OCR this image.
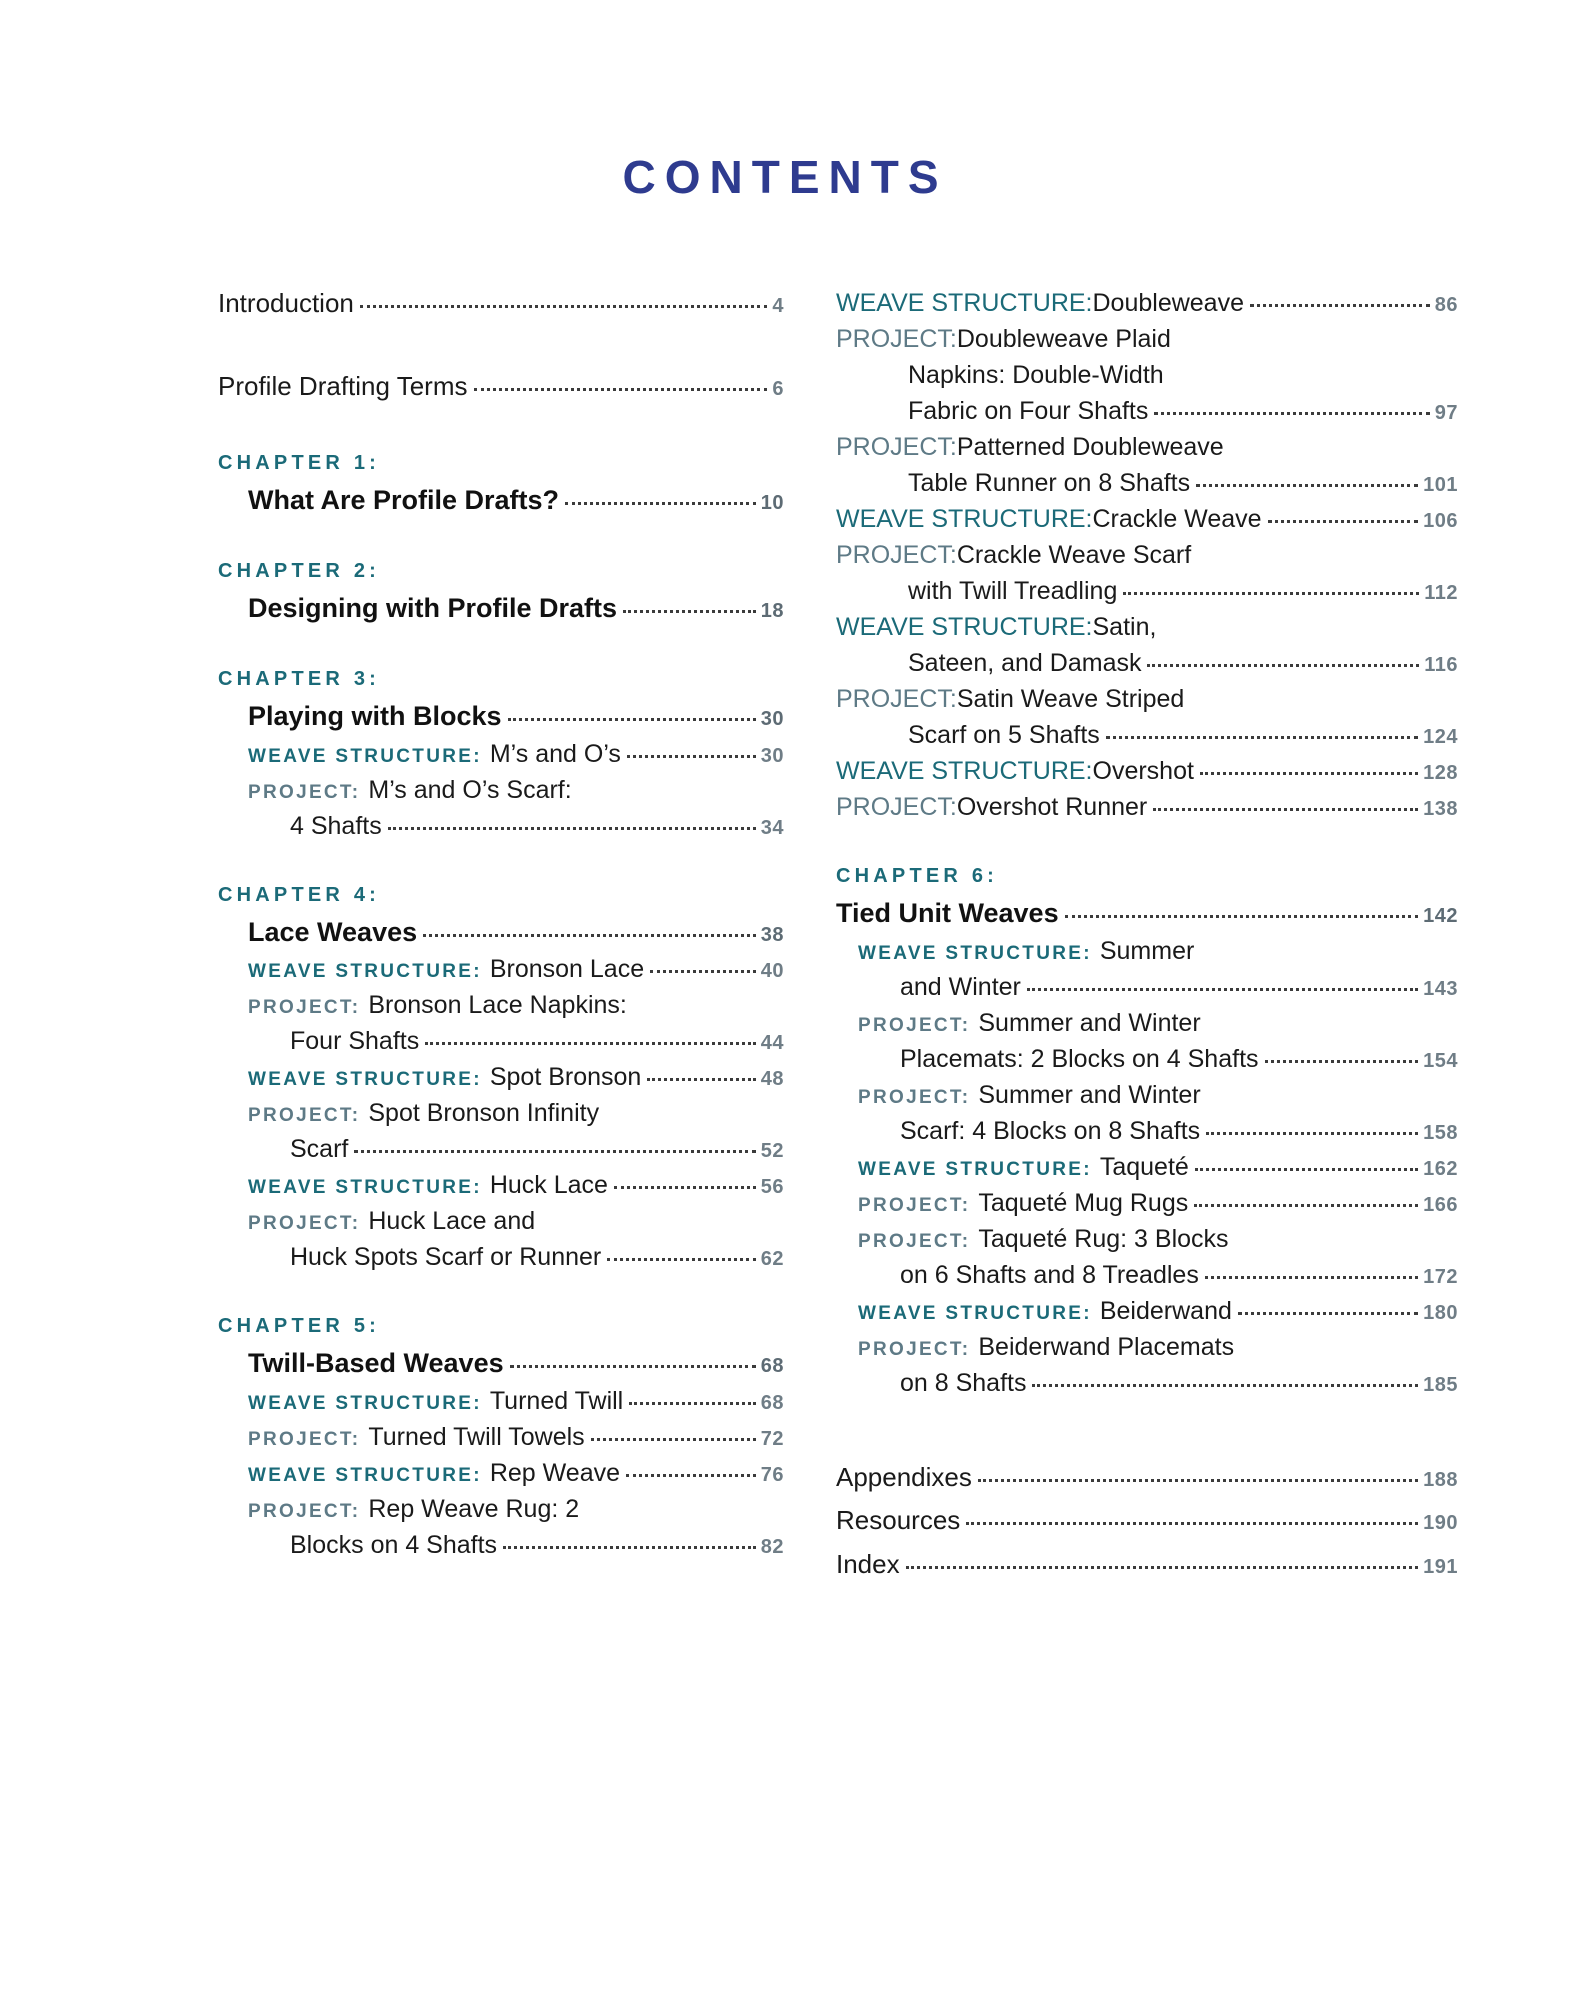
CONTENTS
Introduction	4
Profile Drafting Terms	6
CHAPTER 1:
What Are Profile Drafts?	10
CHAPTER 2:
Designing with Profile Drafts	18
CHAPTER 3:
Playing with Blocks	30
WEAVE STRUCTURE: M’s and O’s	30
PROJECT: M’s and O’s Scarf:
4 Shafts	34
CHAPTER 4:
Lace Weaves	38
WEAVE STRUCTURE: Bronson Lace	40
PROJECT: Bronson Lace Napkins:
Four Shafts	44
WEAVE STRUCTURE: Spot Bronson	48
PROJECT: Spot Bronson Infinity
Scarf	52
WEAVE STRUCTURE: Huck Lace	56
PROJECT: Huck Lace and
Huck Spots Scarf or Runner	62
CHAPTER 5:
Twill-Based Weaves	68
WEAVE STRUCTURE: Turned Twill	68
PROJECT: Turned Twill Towels	72
WEAVE STRUCTURE: Rep Weave	76
PROJECT: Rep Weave Rug: 2
Blocks on 4 Shafts	82
WEAVE STRUCTURE: Doubleweave	86
PROJECT: Doubleweave Plaid
Napkins: Double-Width
Fabric on Four Shafts	97
PROJECT: Patterned Doubleweave
Table Runner on 8 Shafts	101
WEAVE STRUCTURE: Crackle Weave	106
PROJECT: Crackle Weave Scarf
with Twill Treadling	112
WEAVE STRUCTURE: Satin,
Sateen, and Damask	116
PROJECT: Satin Weave Striped
Scarf on 5 Shafts	124
WEAVE STRUCTURE: Overshot	128
PROJECT: Overshot Runner	138
CHAPTER 6:
Tied Unit Weaves	142
WEAVE STRUCTURE: Summer
and Winter	143
PROJECT: Summer and Winter
Placemats: 2 Blocks on 4 Shafts	154
PROJECT: Summer and Winter
Scarf: 4 Blocks on 8 Shafts	158
WEAVE STRUCTURE: Taqueté	162
PROJECT: Taqueté Mug Rugs	166
PROJECT: Taqueté Rug: 3 Blocks
on 6 Shafts and 8 Treadles	172
WEAVE STRUCTURE: Beiderwand	180
PROJECT: Beiderwand Placemats
on 8 Shafts	185
Appendixes	188
Resources	190
Index	191
